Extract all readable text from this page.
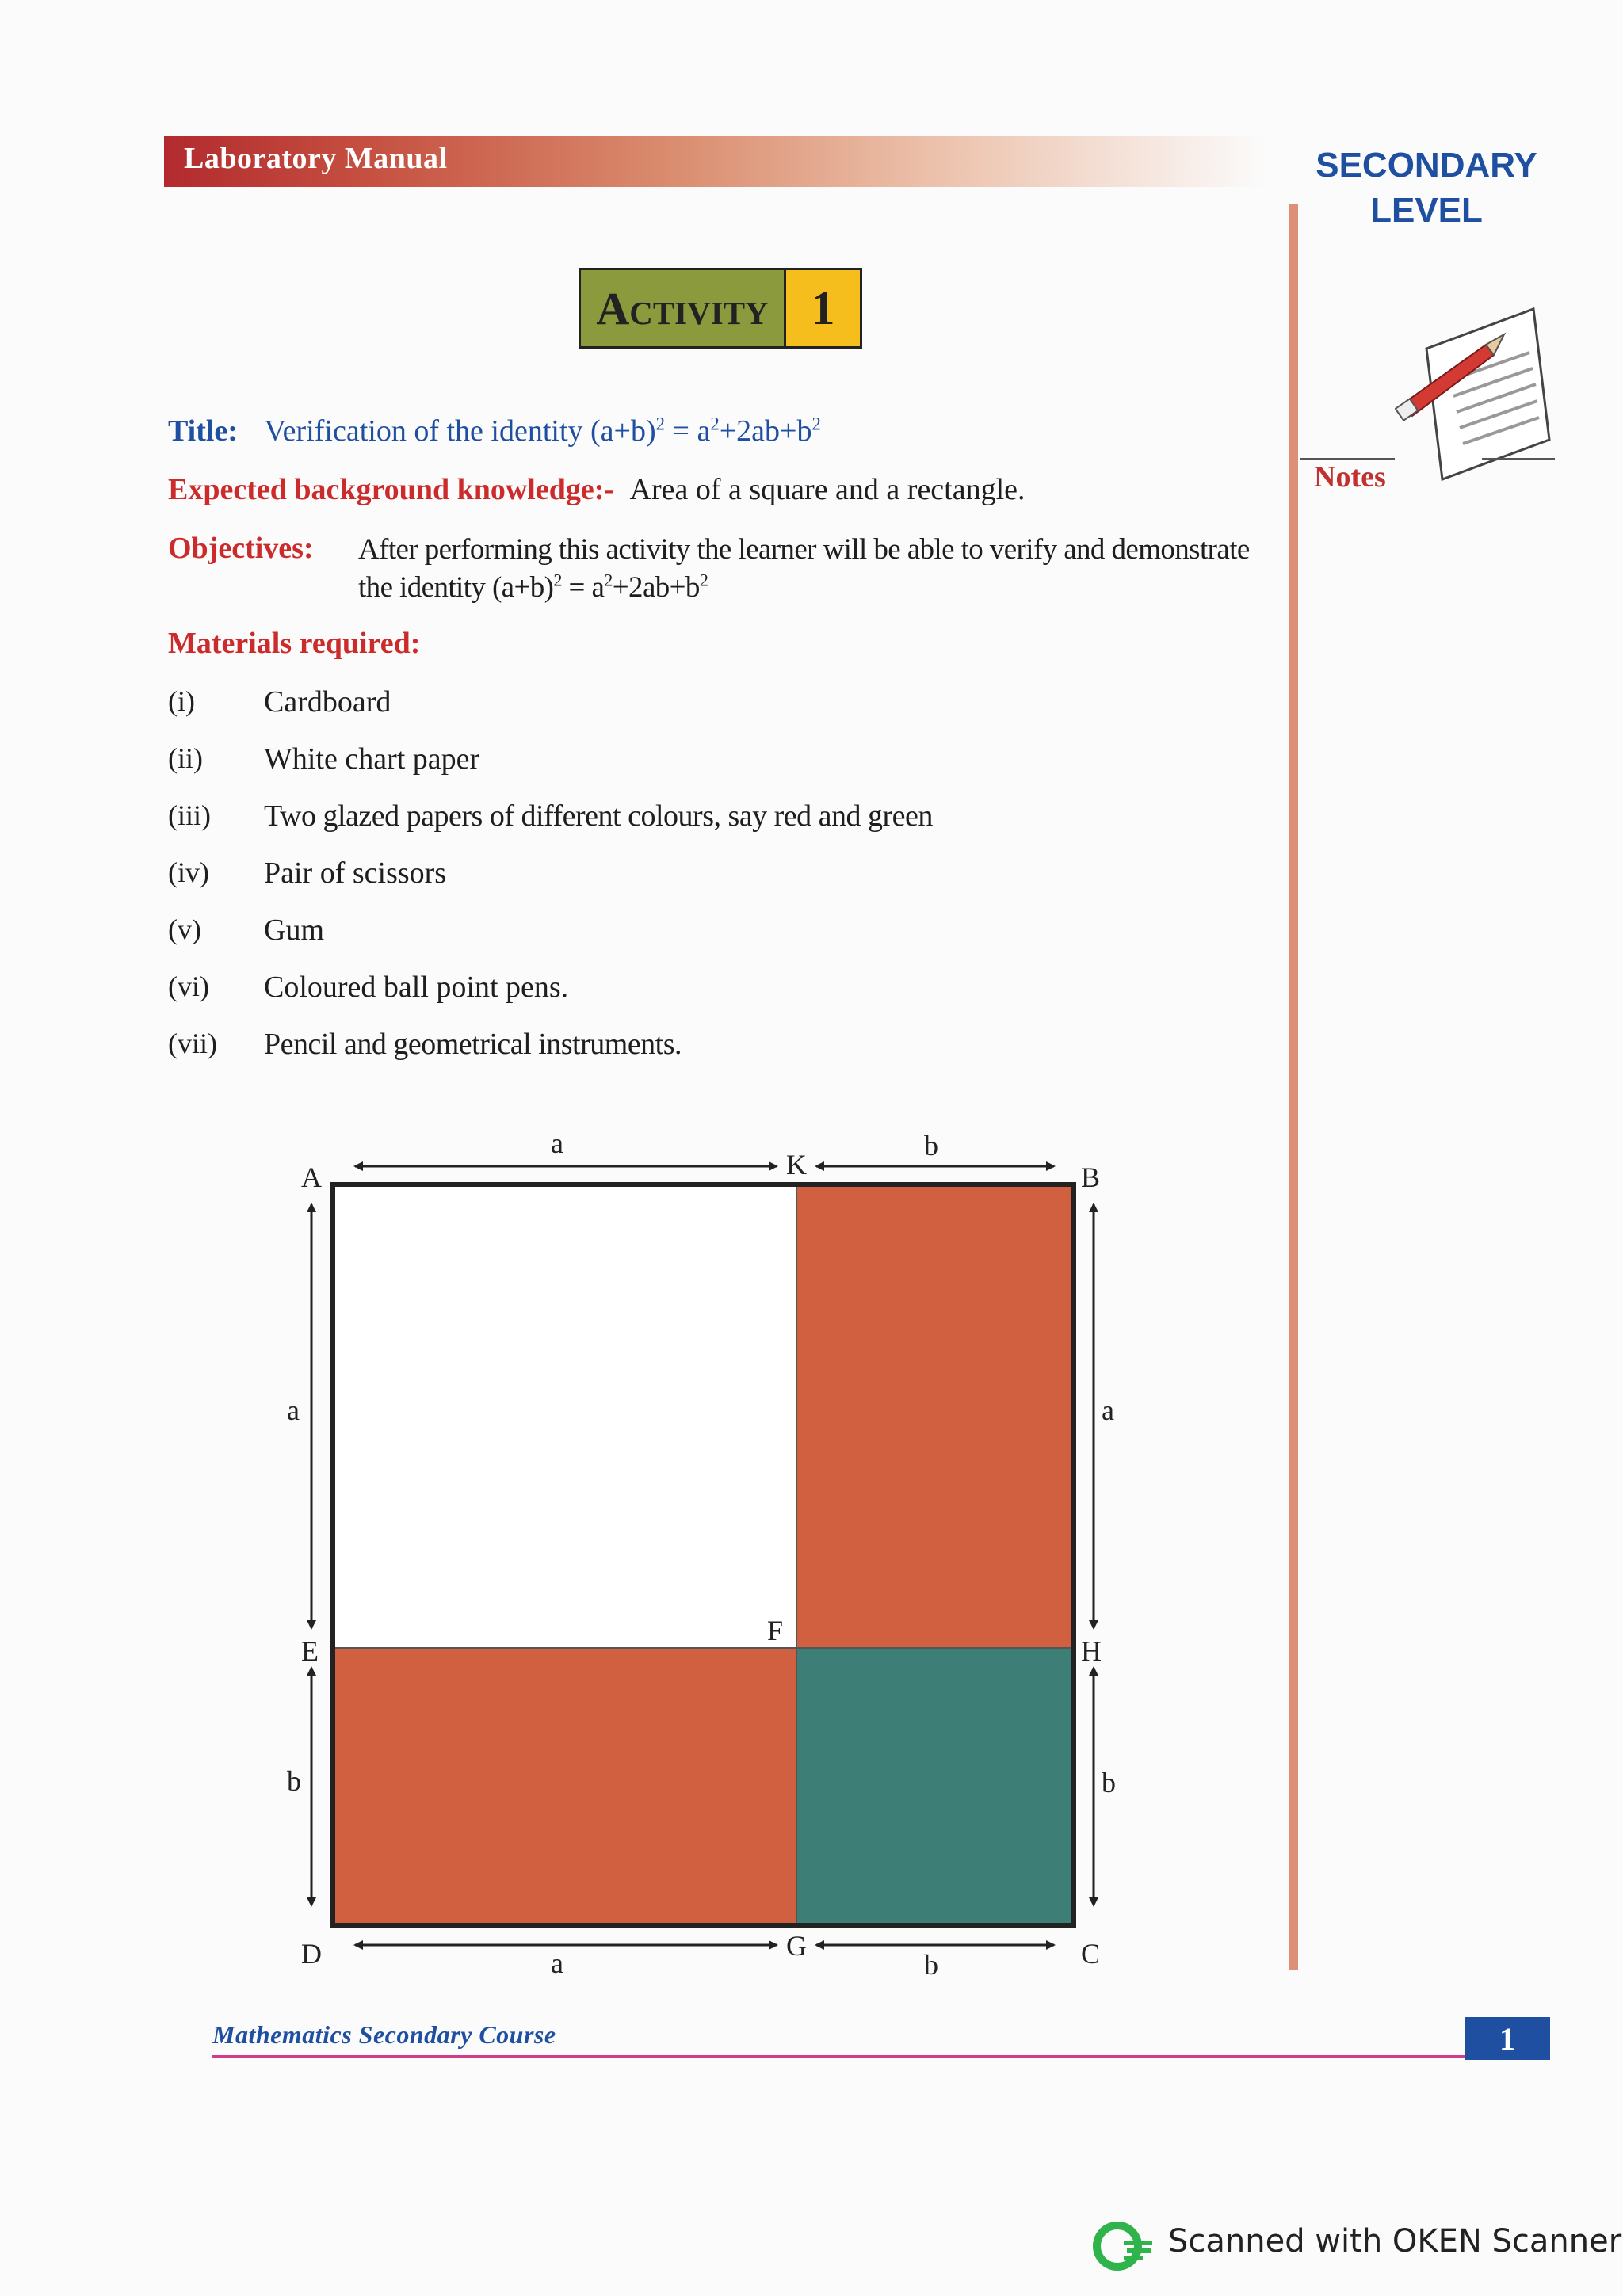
Laboratory Manual	SECONDARY
LEVEL
Notes
Activity 1
Title: Verification of the identity $(a+b)^2 = a^2+2ab+b^2$
Expected background knowledge:- Area of a square and a rectangle.
Objectives: After performing this activity the learner will be able to verify and demonstrate
the identity $(a+b)^2 = a^2+2ab+b^2$
Materials required:
(i) Cardboard
(ii) White chart paper
(iii) Two glazed papers of different colours, say red and green
(iv) Pair of scissors
(v) Gum
(vi) Coloured ball point pens.
(vii) Pencil and geometrical instruments.
A	B
K
E
F
H
D	G	C
a	b
a	b
a
b
a
b
Mathematics Secondary Course	1
Scanned with OKEN Scanner
